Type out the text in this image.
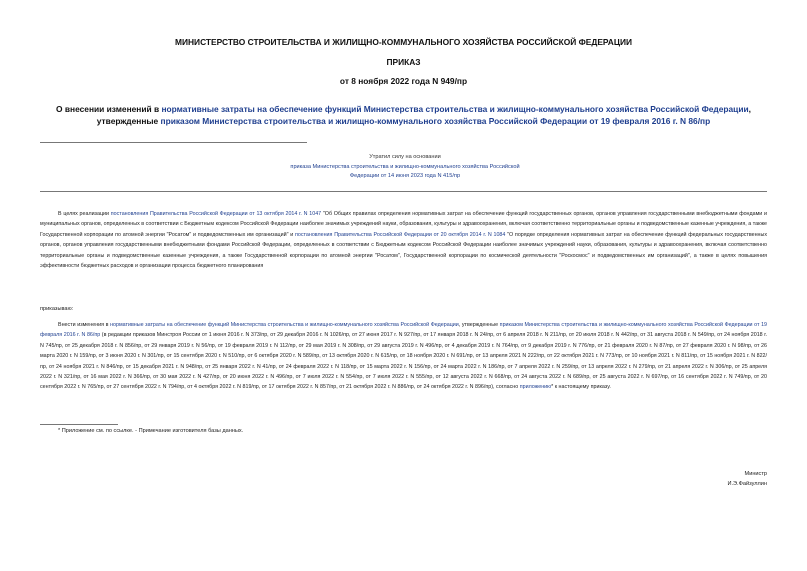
МИНИСТЕРСТВО СТРОИТЕЛЬСТВА И ЖИЛИЩНО-КОММУНАЛЬНОГО ХОЗЯЙСТВА РОССИЙСКОЙ ФЕДЕРАЦИИ
ПРИКАЗ
от 8 ноября 2022 года N 949/пр
О внесении изменений в нормативные затраты на обеспечение функций Министерства строительства и жилищно-коммунального хозяйства Российской Федерации, утвержденные приказом Министерства строительства и жилищно-коммунального хозяйства Российской Федерации от 19 февраля 2016 г. N 86/пр
Утратил силу на основании
приказа Министерства строительства и жилищно-коммунального хозяйства Российской Федерации от 14 июня 2023 года N 415/пр
В целях реализации постановления Правительства Российской Федерации от 13 октября 2014 г. N 1047 "Об Общих правилах определения нормативных затрат на обеспечение функций государственных органов, органов управления государственными внебюджетными фондами и муниципальных органов, определенных в соответствии с Бюджетным кодексом Российской Федерации наиболее значимых учреждений науки, образования, культуры и здравоохранения, включая соответственно территориальные органы и подведомственные казенные учреждения, а также Государственной корпорации по атомной энергии "Росатом" и подведомственных им организаций" и постановления Правительства Российской Федерации от 20 октября 2014 г. N 1084 "О порядке определения нормативных затрат на обеспечение функций федеральных государственных органов, органов управления государственными внебюджетными фондами Российской Федерации, определенных в соответствии с Бюджетным кодексом Российской Федерации наиболее значимых учреждений науки, образования, культуры и здравоохранения, включая соответственно территориальные органы и подведомственные казенные учреждения, а также Государственной корпорации по атомной энергии "Росатом", Государственной корпорации по космической деятельности "Роскосмос" и подведомственных им организаций", а также в целях повышения эффективности бюджетных расходов и организации процесса бюджетного планирования
приказываю:
Внести изменения в нормативные затраты на обеспечение функций Министерства строительства и жилищно-коммунального хозяйства Российской Федерации, утвержденные приказом Министерства строительства и жилищно-коммунального хозяйства Российской Федерации от 19 февраля 2016 г. N 86/пр (в редакции приказов Минстроя России от 1 июня 2016 г. N 373/пр, от 29 декабря 2016 г. N 1026/пр, от 27 июня 2017 г. N 927/пр, от 17 января 2018 г. N 24/пр, от 6 апреля 2018 г. N 211/пр, от 20 июля 2018 г. N 442/пр, от 31 августа 2018 г. N 549/пр, от 24 ноября 2018 г. N 745/пр, от 25 декабря 2018 г. N 856/пр, от 29 января 2019 г. N 56/пр, от 19 февраля 2019 г. N 112/пр, от 29 мая 2019 г. N 308/пр, от 29 августа 2019 г. N 496/пр, от 4 декабря 2019 г. N 764/пр, от 9 декабря 2019 г. N 776/пр, от 21 февраля 2020 г. N 87/пр, от 27 февраля 2020 г. N 98/пр, от 26 марта 2020 г. N 159/пр, от 3 июня 2020 г. N 301/пр, от 15 сентября 2020 г. N 510/пр, от 6 октября 2020 г. N 589/пр, от 13 октября 2020 г. N 615/пр, от 18 ноября 2020 г. N 691/пр, от 13 апреля 2021 N 222/пр, от 22 октября 2021 г. N 773/пр, от 10 ноября 2021 г. N 811/пр, от 15 ноября 2021 г. N 822/пр, от 24 ноября 2021 г. N 846/пр, от 15 декабря 2021 г. N 948/пр, от 25 января 2022 г. N 41/пр, от 24 февраля 2022 г. N 118/пр, от 15 марта 2022 г. N 156/пр, от 24 марта 2022 г. N 186/пр, от 7 апреля 2022 г. N 259/пр, от 13 апреля 2022 г. N 279/пр, от 21 апреля 2022 г. N 306/пр, от 25 апреля 2022 г. N 321/пр, от 16 мая 2022 г. N 366/пр, от 30 мая 2022 г. N 427/пр, от 20 июня 2022 г. N 496/пр, от 7 июля 2022 г. N 554/пр, от 7 июля 2022 г. N 555/пр, от 12 августа 2022 г. N 668/пр, от 24 августа 2022 г. N 689/пр, от 25 августа 2022 г. N 697/пр, от 16 сентября 2022 г. N 749/пр, от 20 сентября 2022 г. N 765/пр, от 27 сентября 2022 г. N 794/пр, от 4 октября 2022 г. N 819/пр, от 17 октября 2022 г. N 857/пр, от 21 октября 2022 г. N 886/пр, от 24 октября 2022 г. N 896/пр), согласно приложению* к настоящему приказу.
* Приложение см. по ссылке. - Примечание изготовителя базы данных.
Министр
И.Э.Файзуллин
